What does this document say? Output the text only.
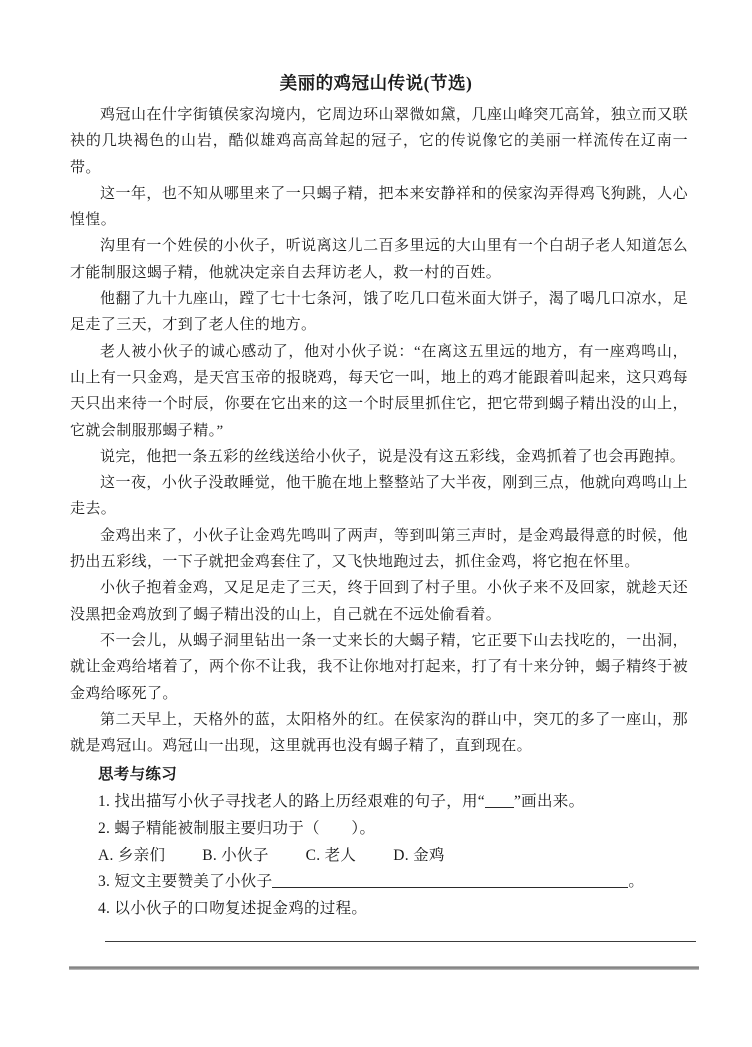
美丽的鸡冠山传说(节选)

鸡冠山在什字街镇侯家沟境内，它周边环山翠微如黛，几座山峰突兀高耸，独立而又联袂的几块褐色的山岩，酷似雄鸡高高耸起的冠子，它的传说像它的美丽一样流传在辽南一带。

这一年，也不知从哪里来了一只蝎子精，把本来安静祥和的侯家沟弄得鸡飞狗跳，人心惶惶。

沟里有一个姓侯的小伙子，听说离这儿二百多里远的大山里有一个白胡子老人知道怎么才能制服这蝎子精，他就决定亲自去拜访老人，救一村的百姓。

他翻了九十九座山，蹚了七十七条河，饿了吃几口苞米面大饼子，渴了喝几口凉水，足足走了三天，才到了老人住的地方。

老人被小伙子的诚心感动了，他对小伙子说：“在离这五里远的地方，有一座鸡鸣山，山上有一只金鸡，是天宫玉帝的报晓鸡，每天它一叫，地上的鸡才能跟着叫起来，这只鸡每天只出来待一个时辰，你要在它出来的这一个时辰里抓住它，把它带到蝎子精出没的山上，它就会制服那蝎子精。”

说完，他把一条五彩的丝线送给小伙子，说是没有这五彩线，金鸡抓着了也会再跑掉。

这一夜，小伙子没敢睡觉，他干脆在地上整整站了大半夜，刚到三点，他就向鸡鸣山上走去。

金鸡出来了，小伙子让金鸡先鸣叫了两声，等到叫第三声时，是金鸡最得意的时候，他扔出五彩线，一下子就把金鸡套住了，又飞快地跑过去，抓住金鸡，将它抱在怀里。

小伙子抱着金鸡，又足足走了三天，终于回到了村子里。小伙子来不及回家，就趁天还没黑把金鸡放到了蝎子精出没的山上，自己就在不远处偷看着。

不一会儿，从蝎子洞里钻出一条一丈来长的大蝎子精，它正要下山去找吃的，一出洞，就让金鸡给堵着了，两个你不让我，我不让你地对打起来，打了有十来分钟，蝎子精终于被金鸡给啄死了。

第二天早上，天格外的蓝，太阳格外的红。在侯家沟的群山中，突兀的多了一座山，那就是鸡冠山。鸡冠山一出现，这里就再也没有蝎子精了，直到现在。

思考与练习
1. 找出描写小伙子寻找老人的路上历经艰难的句子，用“ ”画出来。
2. 蝎子精能被制服主要归功于（　　）。
A. 乡亲们 B. 小伙子 C. 老人 D. 金鸡
3. 短文主要赞美了小伙子	。
4. 以小伙子的口吻复述捉金鸡的过程。
